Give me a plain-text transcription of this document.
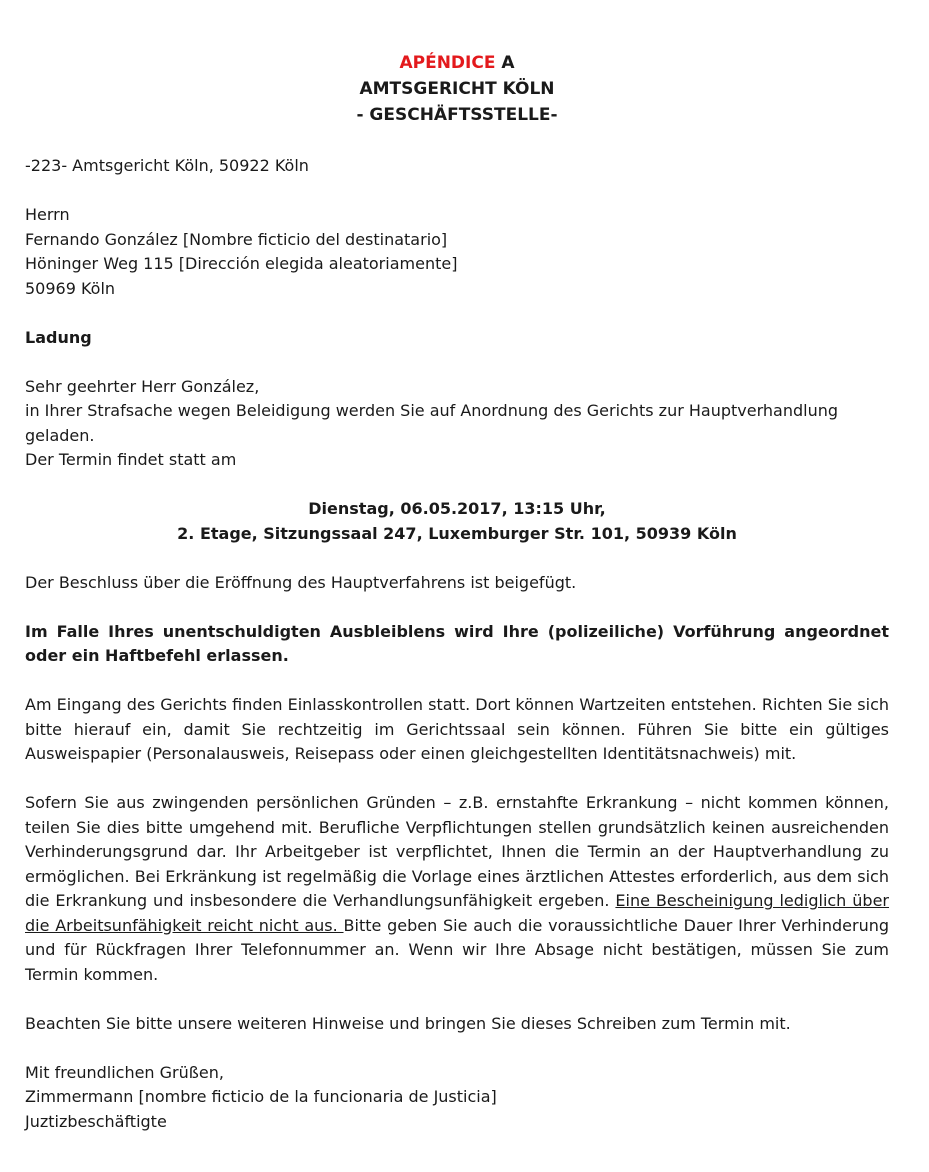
APÉNDICE A
AMTSGERICHT KÖLN
- GESCHÄFTSSTELLE-

-223- Amtsgericht Köln, 50922 Köln

Herrn

Fernando González [Nombre ficticio del destinatario]

Höninger Weg 115 [Dirección elegida aleatoriamente]

50969 Köln

Ladung

Sehr geehrter Herr González,

in Ihrer Strafsache wegen Beleidigung werden Sie auf Anordnung des Gerichts zur Hauptverhandlung geladen.

Der Termin findet statt am

Dienstag, 06.05.2017, 13:15 Uhr,

2. Etage, Sitzungssaal 247, Luxemburger Str. 101, 50939 Köln

Der Beschluss über die Eröffnung des Hauptverfahrens ist beigefügt.

Im Falle Ihres unentschuldigten Ausbleiblens wird Ihre (polizeiliche) Vorführung angeordnet oder ein Haftbefehl erlassen.

Am Eingang des Gerichts finden Einlasskontrollen statt. Dort können Wartzeiten entstehen. Richten Sie sich bitte hierauf ein, damit Sie rechtzeitig im Gerichtssaal sein können. Führen Sie bitte ein gültiges Ausweispapier (Personalausweis, Reisepass oder einen gleichgestellten Identitätsnachweis) mit.

Sofern Sie aus zwingenden persönlichen Gründen – z.B. ernstahfte Erkrankung – nicht kommen können, teilen Sie dies bitte umgehend mit. Berufliche Verpflichtungen stellen grundsätzlich keinen ausreichenden Verhinderungsgrund dar. Ihr Arbeitgeber ist verpflichtet, Ihnen die Termin an der Hauptverhandlung zu ermöglichen. Bei Erkränkung ist regelmäßig die Vorlage eines ärztlichen Attestes erforderlich, aus dem sich die Erkrankung und insbesondere die Verhandlungsunfähigkeit ergeben. Eine Bescheinigung lediglich über die Arbeitsunfähigkeit reicht nicht aus. Bitte geben Sie auch die voraussichtliche Dauer Ihrer Verhinderung und für Rückfragen Ihrer Telefonnummer an. Wenn wir Ihre Absage nicht bestätigen, müssen Sie zum Termin kommen.

Beachten Sie bitte unsere weiteren Hinweise und bringen Sie dieses Schreiben zum Termin mit.

Mit freundlichen Grüßen,

Zimmermann [nombre ficticio de la funcionaria de Justicia]

Juztizbeschäftigte
